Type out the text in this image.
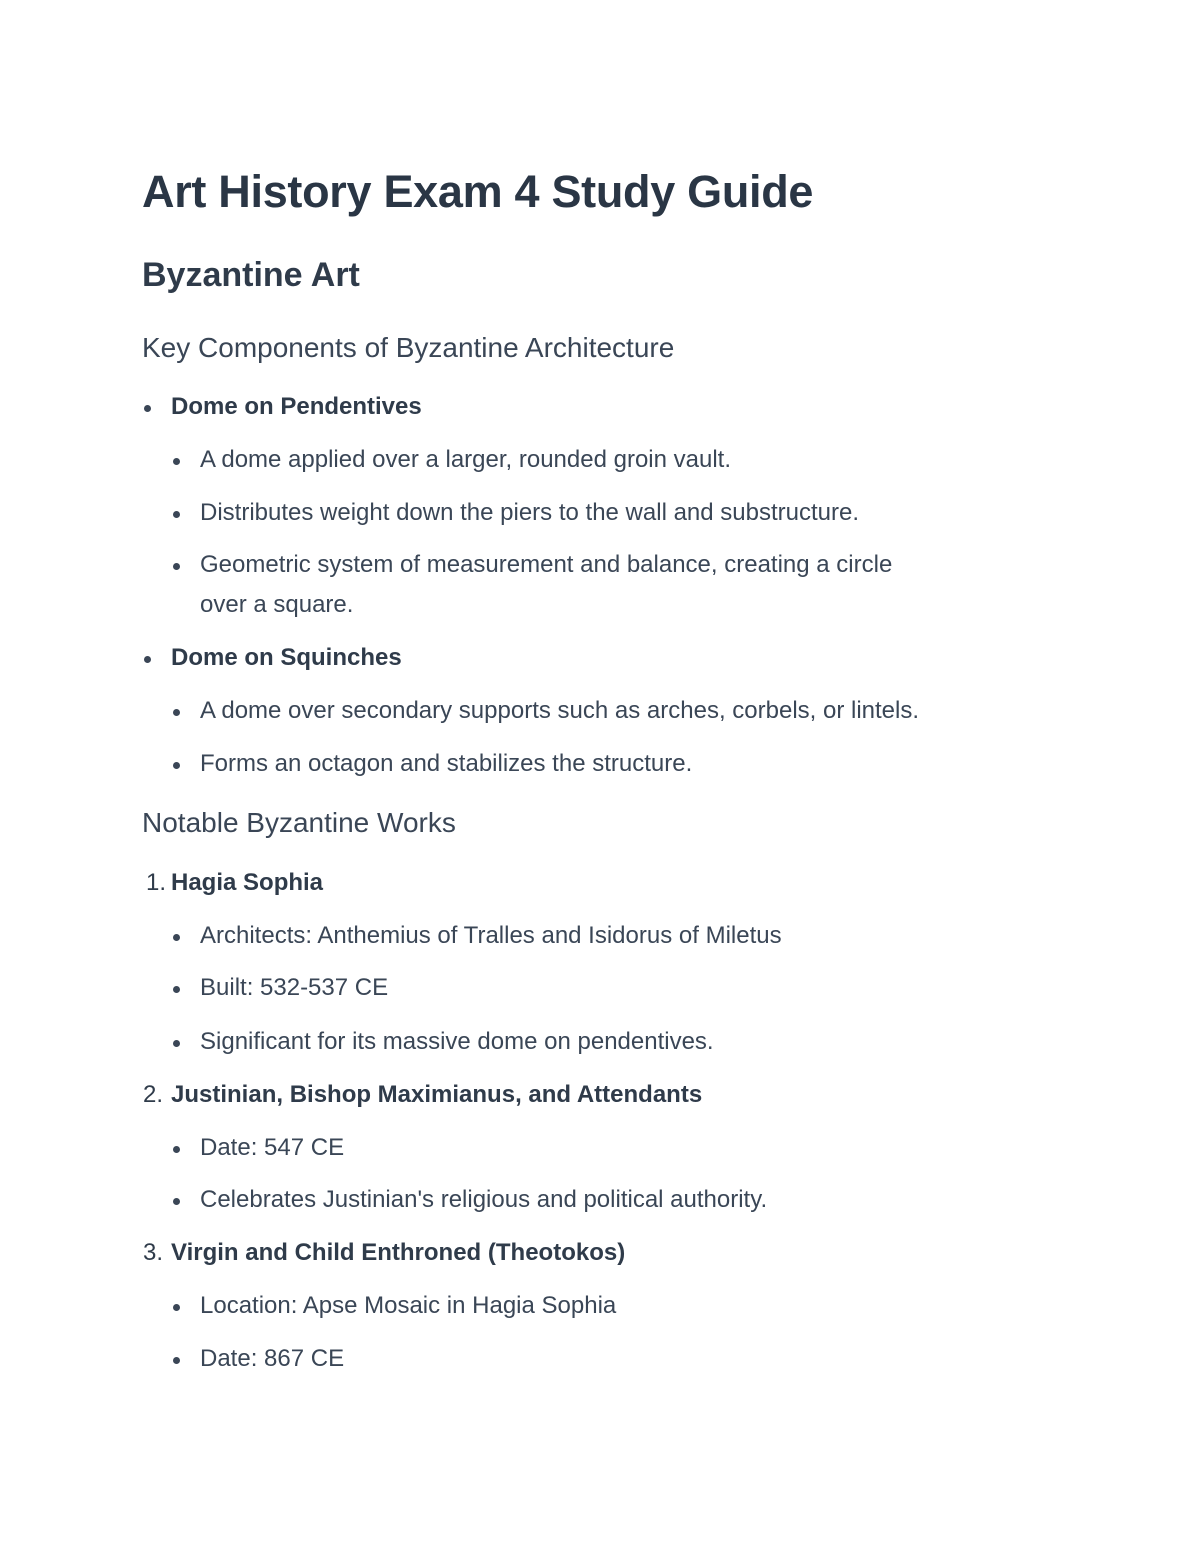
Art History Exam 4 Study Guide
Byzantine Art
Key Components of Byzantine Architecture
Dome on Pendentives
A dome applied over a larger, rounded groin vault.
Distributes weight down the piers to the wall and substructure.
Geometric system of measurement and balance, creating a circle
over a square.
Dome on Squinches
A dome over secondary supports such as arches, corbels, or lintels.
Forms an octagon and stabilizes the structure.
Notable Byzantine Works
1. Hagia Sophia
Architects: Anthemius of Tralles and Isidorus of Miletus
Built: 532-537 CE
Significant for its massive dome on pendentives.
2. Justinian, Bishop Maximianus, and Attendants
Date: 547 CE
Celebrates Justinian's religious and political authority.
3. Virgin and Child Enthroned (Theotokos)
Location: Apse Mosaic in Hagia Sophia
Date: 867 CE
